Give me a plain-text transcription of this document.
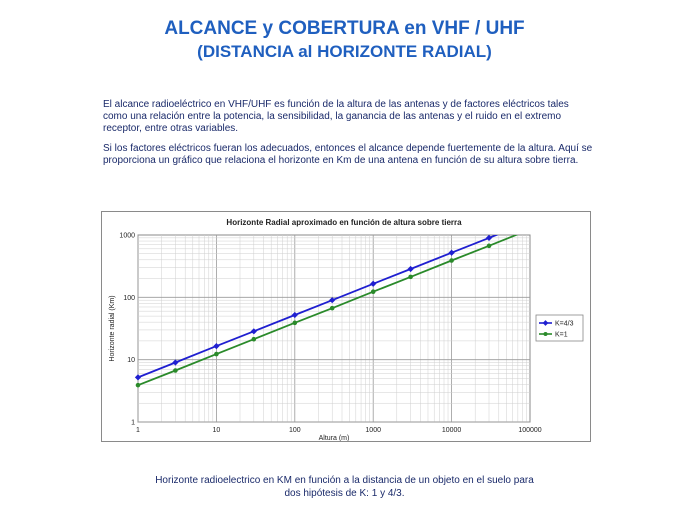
ALCANCE y COBERTURA en VHF / UHF
(DISTANCIA al HORIZONTE RADIAL)

El alcance radioeléctrico en VHF/UHF es función de la altura de las antenas y de factores eléctricos tales como una relación entre la potencia, la sensibilidad, la ganancia de las antenas y el ruido en el extremo receptor, entre otras variables.

Si los factores eléctricos fueran los adecuados, entonces el alcance depende fuertemente de la altura. Aquí se proporciona un gráfico que relaciona el horizonte en Km de una antena en función de su altura sobre tierra.

Horizonte Radial aproximado en función de altura sobre tierra
1	10	100	1000	10000	100000
1
10
100
1000
Altura (m)
Horizonte radial (Km)	K=4/3
K=1
Horizonte radioelectrico en KM en función a la distancia de un objeto en el suelo para
dos hipótesis de K: 1 y 4/3.
